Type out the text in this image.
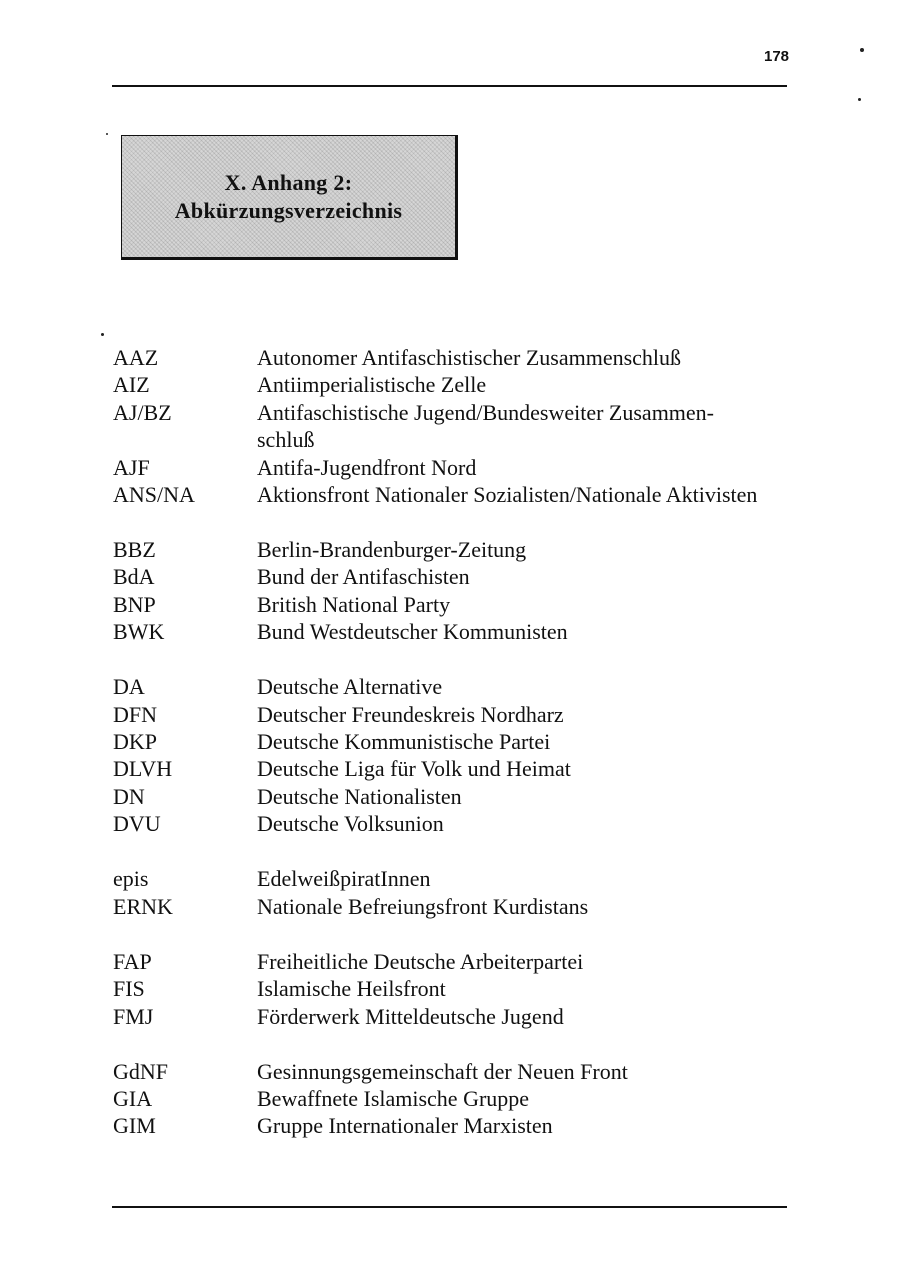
178
X. Anhang 2:
Abkürzungsverzeichnis
AAZ	Autonomer Antifaschistischer Zusammenschluß
AIZ	Antiimperialistische Zelle
AJ/BZ	Antifaschistische Jugend/Bundesweiter Zusammen-
schluß
AJF	Antifa-Jugendfront Nord
ANS/NA	Aktionsfront Nationaler Sozialisten/Nationale Aktivisten
BBZ	Berlin-Brandenburger-Zeitung
BdA	Bund der Antifaschisten
BNP	British National Party
BWK	Bund Westdeutscher Kommunisten
DA	Deutsche Alternative
DFN	Deutscher Freundeskreis Nordharz
DKP	Deutsche Kommunistische Partei
DLVH	Deutsche Liga für Volk und Heimat
DN	Deutsche Nationalisten
DVU	Deutsche Volksunion
epis	EdelweißpiratInnen
ERNK	Nationale Befreiungsfront Kurdistans
FAP	Freiheitliche Deutsche Arbeiterpartei
FIS	Islamische Heilsfront
FMJ	Förderwerk Mitteldeutsche Jugend
GdNF	Gesinnungsgemeinschaft der Neuen Front
GIA	Bewaffnete Islamische Gruppe
GIM	Gruppe Internationaler Marxisten
